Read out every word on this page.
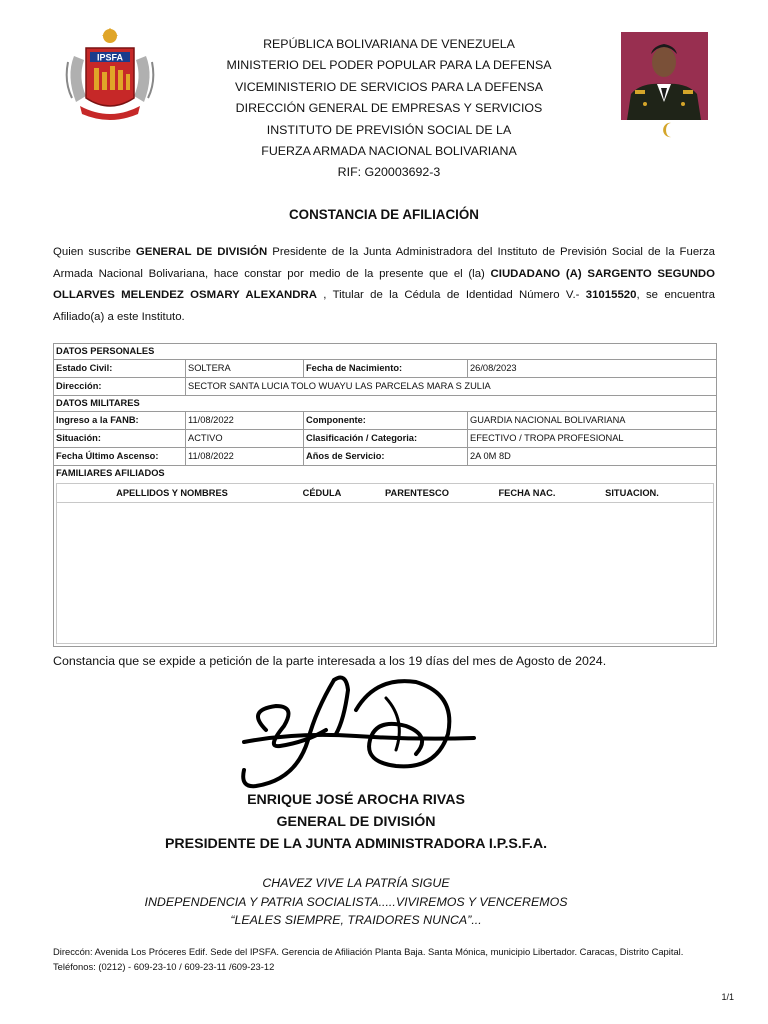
IPSFA
REPÚBLICA BOLIVARIANA DE VENEZUELA
MINISTERIO DEL PODER POPULAR PARA LA DEFENSA
VICEMINISTERIO DE SERVICIOS PARA LA DEFENSA
DIRECCIÓN GENERAL DE EMPRESAS Y SERVICIOS
INSTITUTO DE PREVISIÓN SOCIAL DE LA
FUERZA ARMADA NACIONAL BOLIVARIANA
RIF: G20003692-3
❨
CONSTANCIA DE AFILIACIÓN
Quien suscribe GENERAL DE DIVISIÓN Presidente de la Junta Administradora del Instituto de Previsión Social de la Fuerza Armada Nacional Bolivariana, hace constar por medio de la presente que el (la) CIUDADANO (A) SARGENTO SEGUNDO OLLARVES MELENDEZ OSMARY ALEXANDRA , Titular de la Cédula de Identidad Número V.- 31015520, se encuentra Afiliado(a) a este Instituto.
DATOS PERSONALES
Estado Civil:	SOLTERA	Fecha de Nacimiento:	26/08/2023
Dirección:	SECTOR SANTA LUCIA TOLO WUAYU LAS PARCELAS MARA S ZULIA
DATOS MILITARES
Ingreso a la FANB:	11/08/2022	Componente:	GUARDIA NACIONAL BOLIVARIANA
Situación:	ACTIVO	Clasificación / Categoria:	EFECTIVO / TROPA PROFESIONAL
Fecha Último Ascenso:	11/08/2022	Años de Servicio:	2A 0M 8D
FAMILIARES AFILIADOS
APELLIDOS Y NOMBRES	CÉDULA	PARENTESCO	FECHA NAC.	SITUACION.
Constancia que se expide a petición de la parte interesada a los 19 días del mes de Agosto de 2024.
ENRIQUE JOSÉ AROCHA RIVAS
GENERAL DE DIVISIÓN
PRESIDENTE DE LA JUNTA ADMINISTRADORA I.P.S.F.A.
CHAVEZ VIVE LA PATRÍA SIGUE
INDEPENDENCIA Y PATRIA SOCIALISTA.....VIVIREMOS Y VENCEREMOS
“LEALES SIEMPRE, TRAIDORES NUNCA”...
Direccón: Avenida Los Próceres Edif. Sede del IPSFA. Gerencia de Afiliación Planta Baja. Santa Mónica, municipio Libertador. Caracas, Distrito Capital. Teléfonos: (0212) - 609-23-10 / 609-23-11 /609-23-12
1/1
